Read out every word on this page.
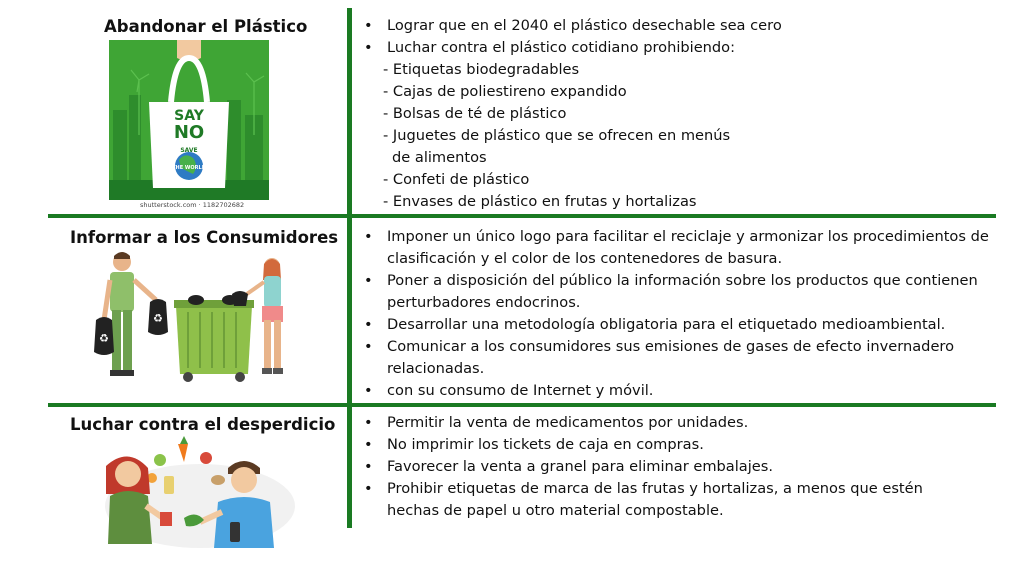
Abandonar el Plástico
SAY
NO
SAVE
THE WORLD
shutterstock.com · 1182702682
• Lograr que en el 2040 el plástico desechable sea cero
• Luchar contra el plástico cotidiano prohibiendo:
- Etiquetas biodegradables
- Cajas de poliestireno expandido
- Bolsas de té de plástico
- Juguetes de plástico que se ofrecen en menús
de alimentos
- Confeti de plástico
- Envases de plástico en frutas y hortalizas
Informar a los Consumidores
♻
♻
• Imponer un único logo para facilitar el reciclaje y armonizar los procedimientos de clasificación y el color de los contenedores de basura.
• Poner a disposición del público la información sobre los productos que contienen perturbadores endocrinos.
• Desarrollar una metodología obligatoria para el etiquetado medioambiental.
• Comunicar a los consumidores sus emisiones de gases de efecto invernadero relacionadas.
• con su consumo de Internet y móvil.
Luchar contra el desperdicio
•	Permitir la venta de medicamentos por unidades.
• No imprimir los tickets de caja en compras.
• Favorecer la venta a granel para eliminar embalajes.
• Prohibir etiquetas de marca de las frutas y hortalizas, a menos que estén hechas de papel u otro material compostable.
